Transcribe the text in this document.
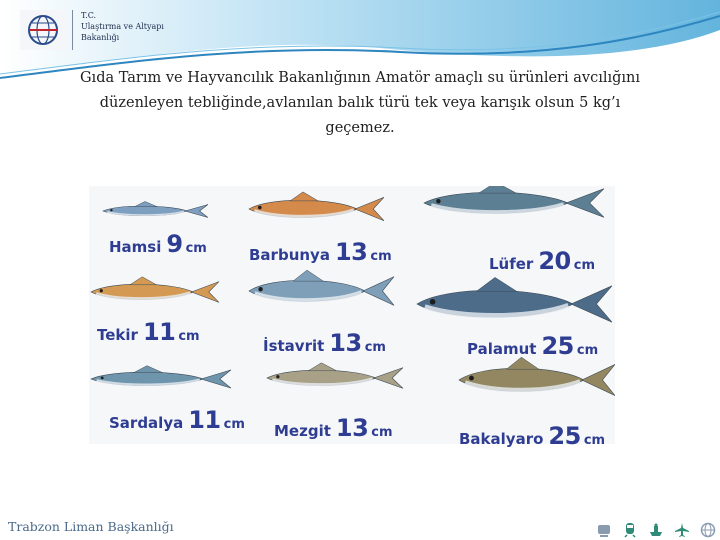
T.C.
Ulaştırma ve Altyapı
Bakanlığı
Gıda Tarım ve Hayvancılık Bakanlığının Amatör amaçlı su ürünleri avcılığını
düzenleyen tebliğinde,avlanılan balık türü tek veya karışık olsun 5 kg’ı
geçemez.
Hamsi 9 cm	Barbunya 13 cm	Lüfer 20 cm
Tekir 11 cm
İstavrit 13 cm	Palamut 25 cm
Sardalya 11 cm Mezgit 13 cm	Bakalyaro 25 cm
Trabzon Liman Başkanlığı
